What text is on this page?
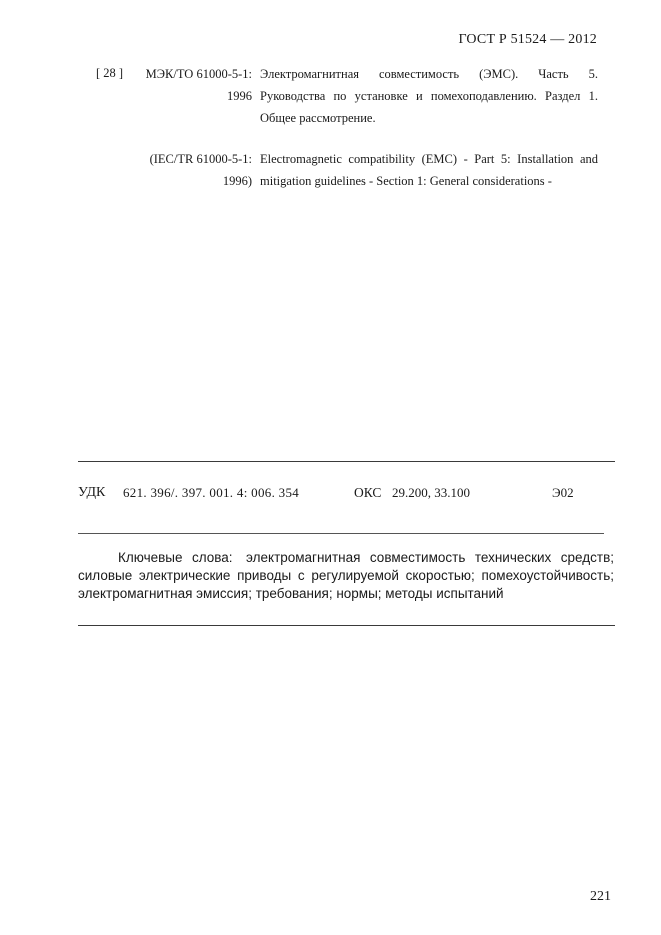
ГОСТ Р 51524 — 2012
[ 28 ] МЭК/ТО 61000-5-1: 1996
Электромагнитная совместимость (ЭМС). Часть 5. Руководства по установке и помехоподавлению. Раздел 1. Общее рассмотрение.
(IEC/TR 61000-5-1: 1996)
Electromagnetic compatibility (EMC) - Part 5: Installation and mitigation guidelines - Section 1: General considerations -
УДК 621. 396/. 397. 001. 4: 006. 354	ОКС 29.200, 33.100	Э02
Ключевые слова: электромагнитная совместимость технических средств; силовые электрические приводы с регулируемой скоростью; помехоустойчивость; электромагнитная эмиссия; требования; нормы; методы испытаний
221
